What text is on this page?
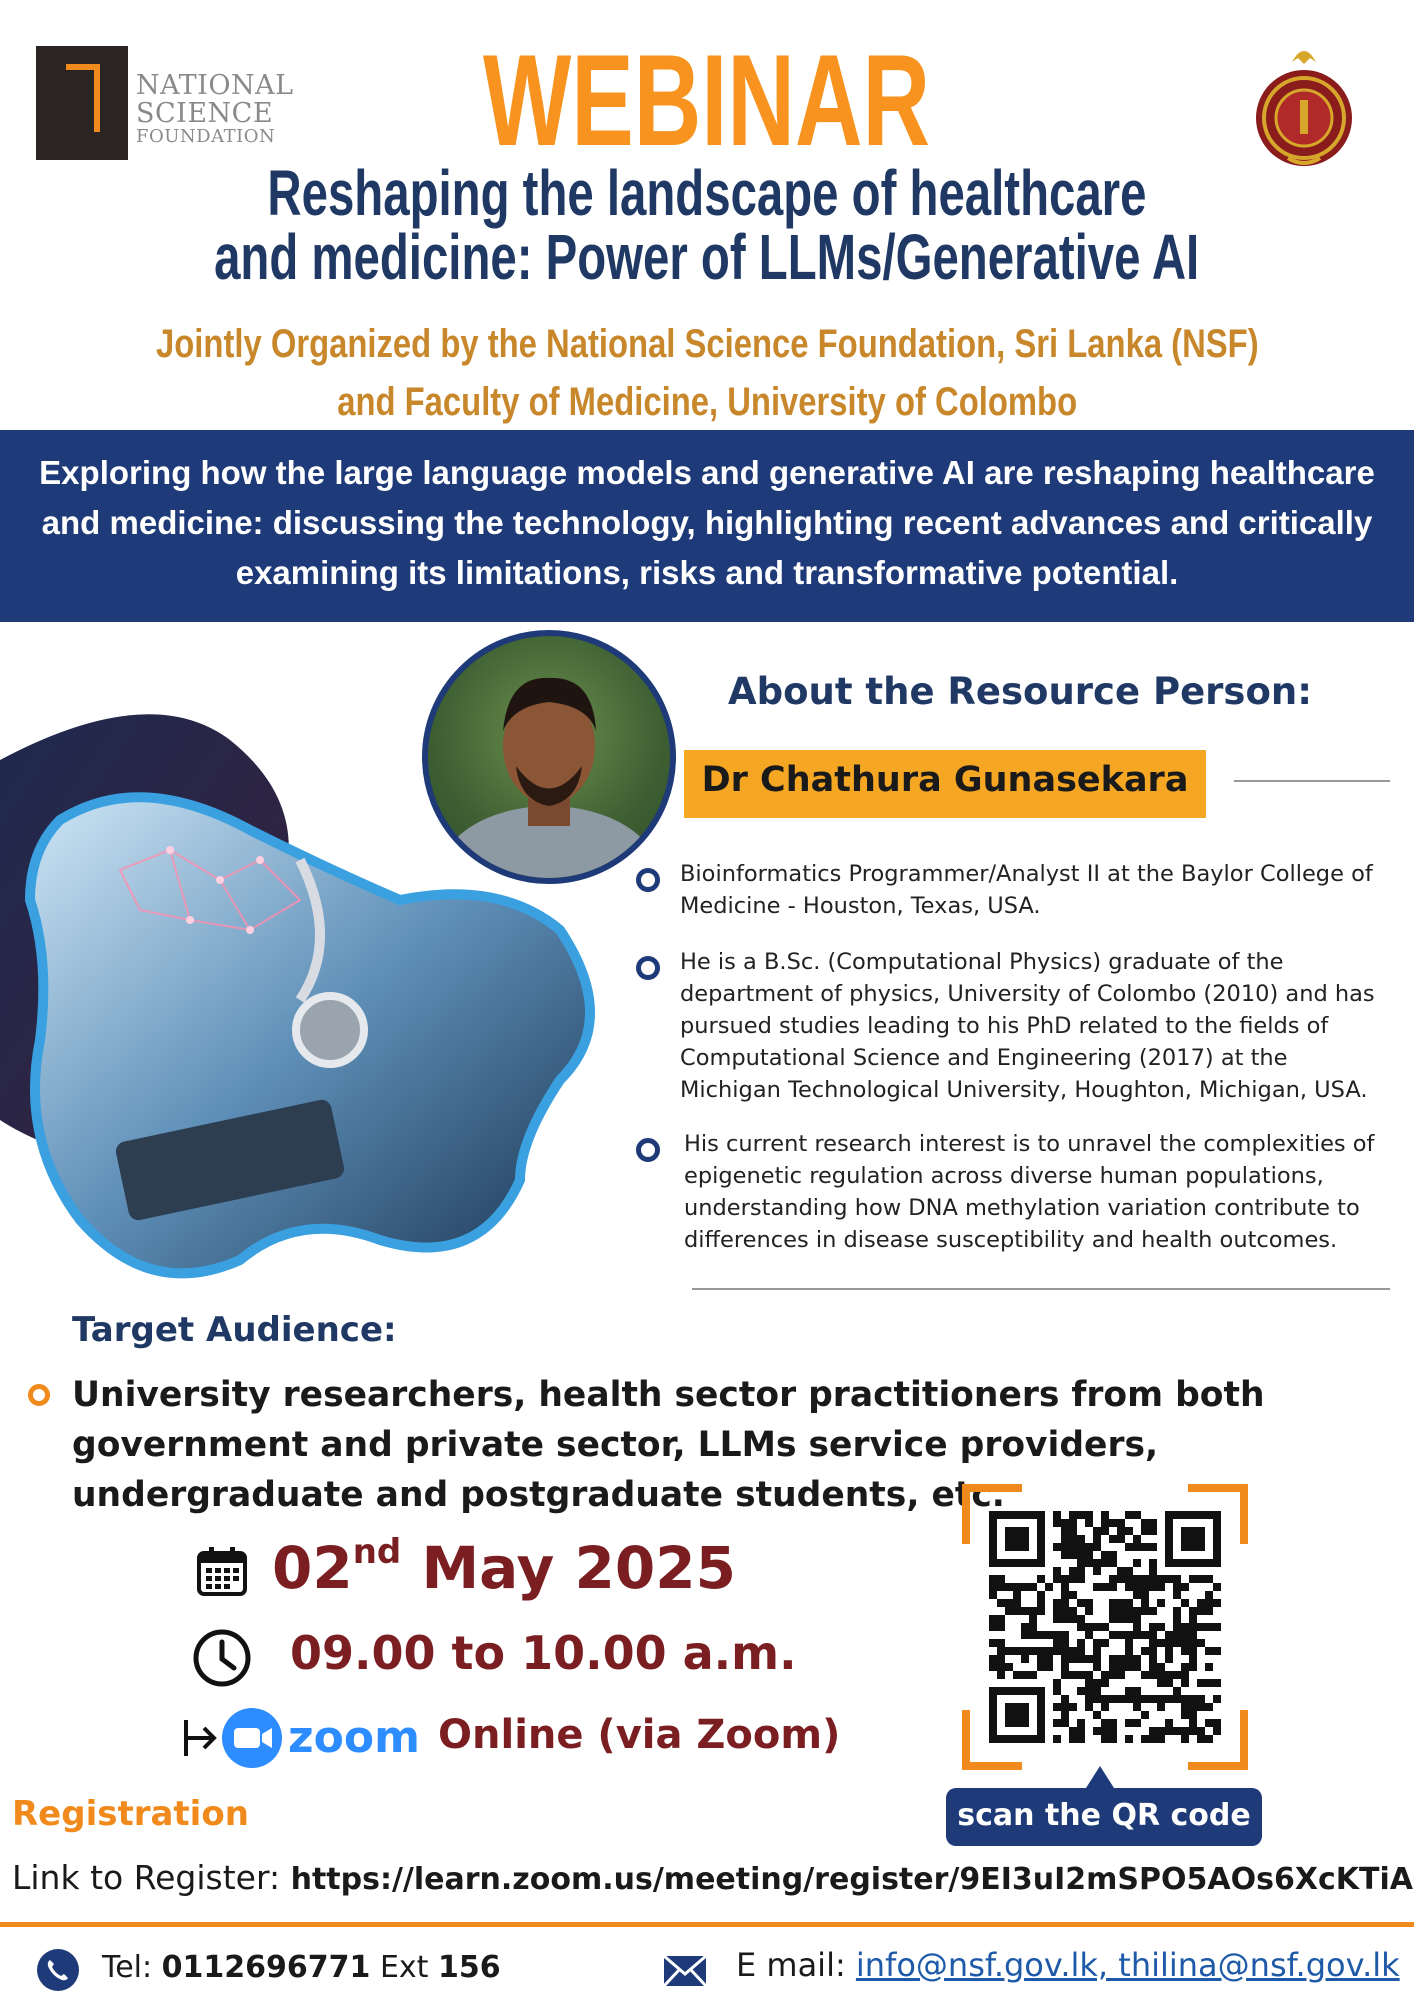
NATIONAL
SCIENCE
FOUNDATION	WEBINAR
Reshaping the landscape of healthcare
and medicine: Power of LLMs/Generative AI
Jointly Organized by the National Science Foundation, Sri Lanka (NSF)
and Faculty of Medicine, University of Colombo
Exploring how the large language models and generative AI are reshaping healthcare and medicine: discussing the technology, highlighting recent advances and critically examining its limitations, risks and transformative potential.
About the Resource Person:
Dr Chathura Gunasekara
Bioinformatics Programmer/Analyst II at the Baylor College of Medicine - Houston, Texas, USA.
He is a B.Sc. (Computational Physics) graduate of the department of physics, University of Colombo (2010) and has pursued studies leading to his PhD related to the fields of Computational Science and Engineering (2017) at the Michigan Technological University, Houghton, Michigan, USA.
His current research interest is to unravel the complexities of epigenetic regulation across diverse human populations, understanding how DNA methylation variation contribute to differences in disease susceptibility and health outcomes.
Target Audience:
University researchers, health sector practitioners from both government and private sector, LLMs service providers, undergraduate and postgraduate students, etc.
02nd May 2025
09.00 to 10.00 a.m.
zoom Online (via Zoom)
scan the QR code
Registration
Link to Register: https://learn.zoom.us/meeting/register/9EI3uI2mSPO5AOs6XcKTiA
Tel: 0112696771 Ext 156	E mail: info@nsf.gov.lk, thilina@nsf.gov.lk
